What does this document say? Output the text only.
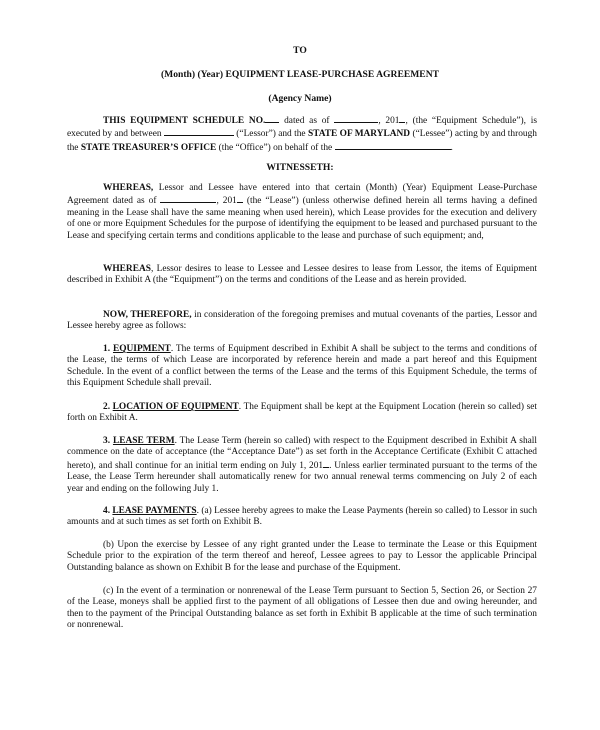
TO
(Month) (Year) EQUIPMENT LEASE-PURCHASE AGREEMENT
(Agency Name)
THIS EQUIPMENT SCHEDULE NO. dated as of	, 201 , (the “Equipment Schedule”), is executed by and between	(“Lessor”) and the STATE OF MARYLAND (“Lessee”) acting by and through the STATE TREASURER’S OFFICE (the “Office”) on behalf of the	.
WITNESSETH:
WHEREAS, Lessor and Lessee have entered into that certain (Month) (Year) Equipment Lease-Purchase Agreement dated as of	, 201 (the “Lease”) (unless otherwise defined herein all terms having a defined meaning in the Lease shall have the same meaning when used herein), which Lease provides for the execution and delivery of one or more Equipment Schedules for the purpose of identifying the equipment to be leased and purchased pursuant to the Lease and specifying certain terms and conditions applicable to the lease and purchase of such equipment; and,
WHEREAS, Lessor desires to lease to Lessee and Lessee desires to lease from Lessor, the items of Equipment described in Exhibit A (the “Equipment”) on the terms and conditions of the Lease and as herein provided.
NOW, THEREFORE, in consideration of the foregoing premises and mutual covenants of the parties, Lessor and Lessee hereby agree as follows:
1. EQUIPMENT. The terms of Equipment described in Exhibit A shall be subject to the terms and conditions of the Lease, the terms of which Lease are incorporated by reference herein and made a part hereof and this Equipment Schedule. In the event of a conflict between the terms of the Lease and the terms of this Equipment Schedule, the terms of this Equipment Schedule shall prevail.
2. LOCATION OF EQUIPMENT. The Equipment shall be kept at the Equipment Location (herein so called) set forth on Exhibit A.
3. LEASE TERM. The Lease Term (herein so called) with respect to the Equipment described in Exhibit A shall commence on the date of acceptance (the “Acceptance Date”) as set forth in the Acceptance Certificate (Exhibit C attached hereto), and shall continue for an initial term ending on July 1, 201 . Unless earlier terminated pursuant to the terms of the Lease, the Lease Term hereunder shall automatically renew for two annual renewal terms commencing on July 2 of each year and ending on the following July 1.
4. LEASE PAYMENTS. (a) Lessee hereby agrees to make the Lease Payments (herein so called) to Lessor in such amounts and at such times as set forth on Exhibit B.
(b) Upon the exercise by Lessee of any right granted under the Lease to terminate the Lease or this Equipment Schedule prior to the expiration of the term thereof and hereof, Lessee agrees to pay to Lessor the applicable Principal Outstanding balance as shown on Exhibit B for the lease and purchase of the Equipment.
(c) In the event of a termination or nonrenewal of the Lease Term pursuant to Section 5, Section 26, or Section 27 of the Lease, moneys shall be applied first to the payment of all obligations of Lessee then due and owing hereunder, and then to the payment of the Principal Outstanding balance as set forth in Exhibit B applicable at the time of such termination or nonrenewal.
